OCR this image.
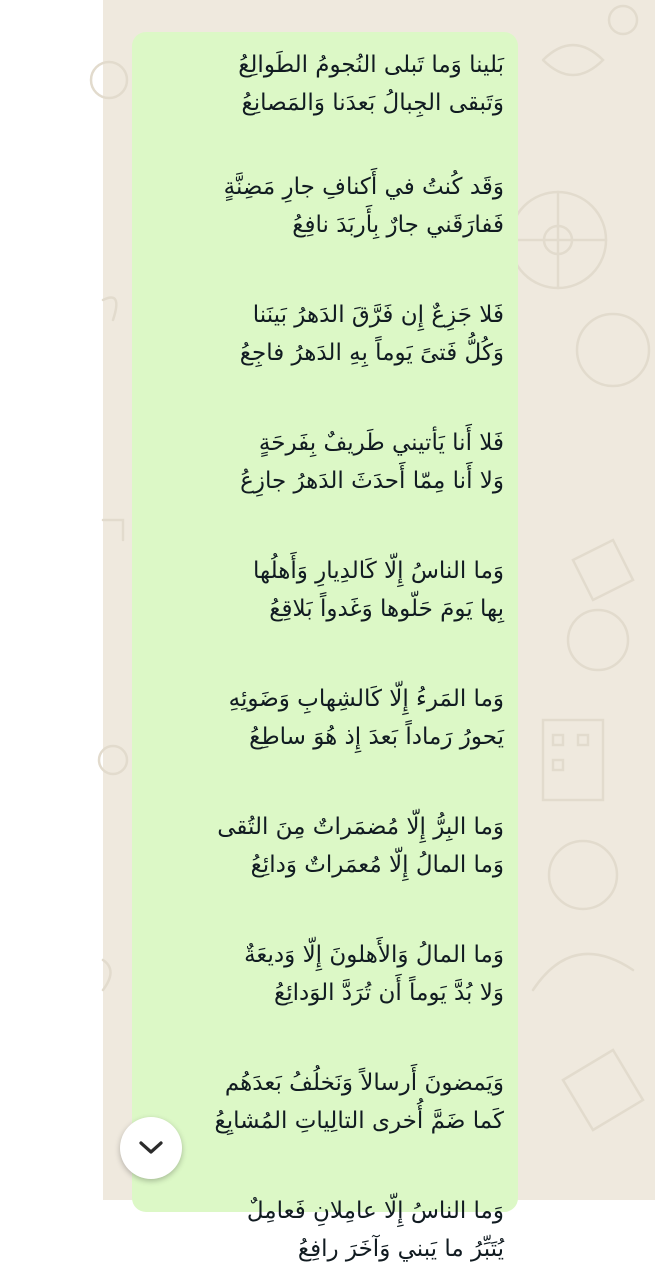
بَلينا وَما تَبلى النُجومُ الطَوالِعُ
وَتَبقى الجِبالُ بَعدَنا وَالمَصانِعُ
وَقَد كُنتُ في أَكنافِ جارِ مَضِنَّةٍ
فَفارَقَني جارٌ بِأَربَدَ نافِعُ
فَلا جَزِعٌ إِن فَرَّقَ الدَهرُ بَينَنا
وَكُلُّ فَتىً يَوماً بِهِ الدَهرُ فاجِعُ
فَلا أَنا يَأتيني طَريفٌ بِفَرحَةٍ
وَلا أَنا مِمّا أَحدَثَ الدَهرُ جازِعُ
وَما الناسُ إِلّا كَالدِيارِ وَأَهلُها
بِها يَومَ حَلّوها وَغَدواً بَلاقِعُ
وَما المَرءُ إِلّا كَالشِهابِ وَضَوئِهِ
يَحورُ رَماداً بَعدَ إِذ هُوَ ساطِعُ
وَما البِرُّ إِلّا مُضمَراتٌ مِنَ التُقى
وَما المالُ إِلّا مُعمَراتٌ وَدائِعُ
وَما المالُ وَالأَهلونَ إِلّا وَديعَةٌ
وَلا بُدَّ يَوماً أَن تُرَدَّ الوَدائِعُ
وَيَمضونَ أَرسالاً وَنَخلُفُ بَعدَهُم
كَما ضَمَّ أُخرى التالِياتِ المُشايِعُ
وَما الناسُ إِلّا عامِلانِ فَعامِلٌ
يُتَبِّرُ ما يَبني وَآخَرَ رافِعُ
